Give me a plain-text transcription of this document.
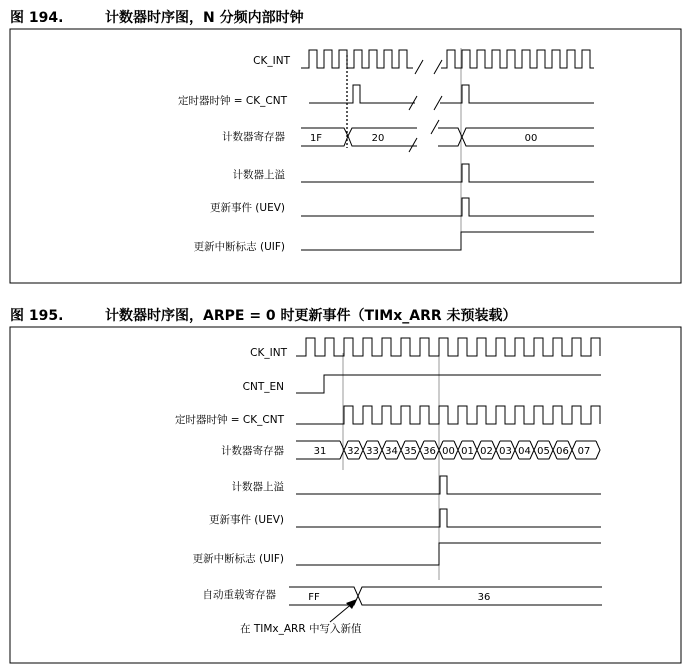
图 194.	计数器时序图，N 分频内部时钟
CK_INT
定时器时钟 = CK_CNT
计数器寄存器
计数器上溢
更新事件 (UEV)
更新中断标志 (UIF)
1F	20	00
图 195.	计数器时序图，ARPE = 0 时更新事件（TIMx_ARR 未预装载）
CK_INT
CNT_EN
定时器时钟 = CK_CNT
计数器寄存器
计数器上溢
更新事件 (UEV)
更新中断标志 (UIF)
自动重载寄存器
31 32 33 34 35 36 00 01 02 03 04 05 06 07
FF	36
在 TIMx_ARR 中写入新值
